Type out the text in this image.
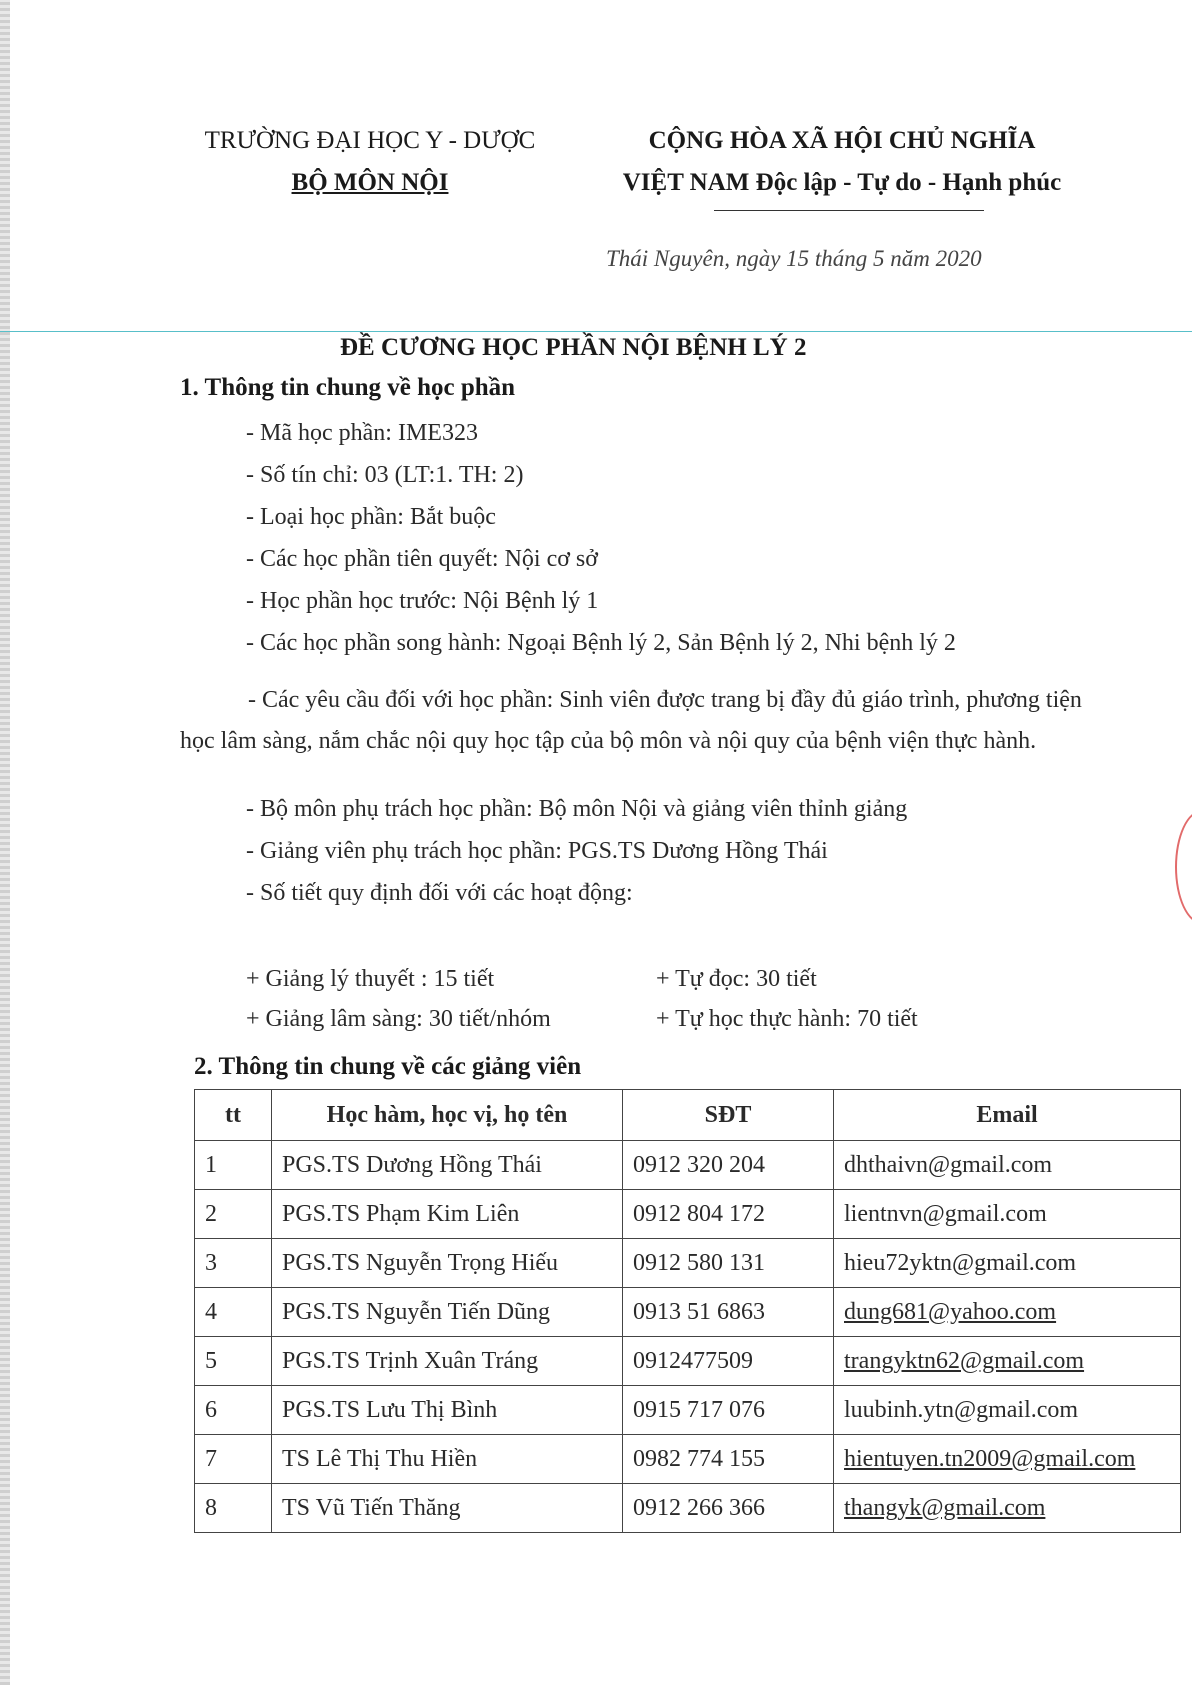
TRƯỜNG ĐẠI HỌC Y - DƯỢC
BỘ MÔN NỘI
CỘNG HÒA XÃ HỘI CHỦ NGHĨA
VIỆT NAM Độc lập - Tự do - Hạnh phúc
Thái Nguyên, ngày 15 tháng 5 năm 2020
ĐỀ CƯƠNG HỌC PHẦN NỘI BỆNH LÝ 2
1. Thông tin chung về học phần
- Mã học phần: IME323
- Số tín chỉ: 03 (LT:1. TH: 2)
- Loại học phần: Bắt buộc
- Các học phần tiên quyết: Nội cơ sở
- Học phần học trước: Nội Bệnh lý 1
- Các học phần song hành: Ngoại Bệnh lý 2, Sản Bệnh lý 2, Nhi bệnh lý 2
- Các yêu cầu đối với học phần: Sinh viên được trang bị đầy đủ giáo trình, phương tiện học lâm sàng, nắm chắc nội quy học tập của bộ môn và nội quy của bệnh viện thực hành.
- Bộ môn phụ trách học phần: Bộ môn Nội và giảng viên thỉnh giảng
- Giảng viên phụ trách học phần: PGS.TS Dương Hồng Thái
- Số tiết quy định đối với các hoạt động:
+ Giảng lý thuyết : 15 tiết	+ Tự đọc: 30 tiết
+ Giảng lâm sàng: 30 tiết/nhóm	+ Tự học thực hành: 70 tiết
2. Thông tin chung về các giảng viên
tt	Học hàm, học vị, họ tên	SĐT	Email
1	PGS.TS Dương Hồng Thái	0912 320 204	dhthaivn@gmail.com
2	PGS.TS Phạm Kim Liên	0912 804 172	lientnvn@gmail.com
3	PGS.TS Nguyễn Trọng Hiếu	0912 580 131	hieu72yktn@gmail.com
4	PGS.TS Nguyễn Tiến Dũng	0913 51 6863	dung681@yahoo.com
5	PGS.TS Trịnh Xuân Tráng	0912477509	trangyktn62@gmail.com
6	PGS.TS Lưu Thị Bình	0915 717 076	luubinh.ytn@gmail.com
7	TS Lê Thị Thu Hiền	0982 774 155	hientuyen.tn2009@gmail.com
8	TS Vũ Tiến Thăng	0912 266 366	thangyk@gmail.com
